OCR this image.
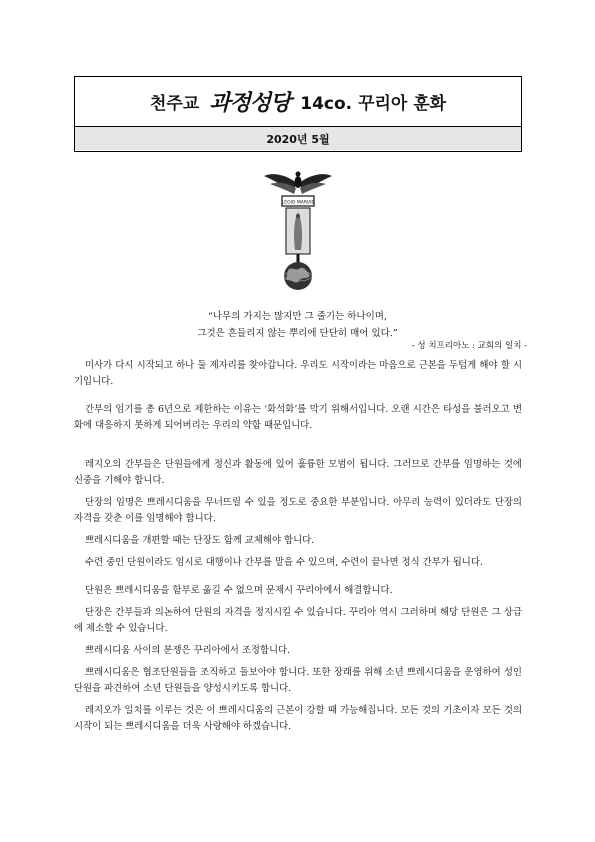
천주교 과정성당 14co. 꾸리아 훈화
2020년 5월
LEGIO MARIAE
“나무의 가지는 많지만 그 줄기는 하나이며,
그것은 흔들리지 않는 뿌리에 단단히 매어 있다.”
- 성 치프리아노 : 교회의 일치 -

미사가 다시 시작되고 하나 둘 제자리를 찾아갑니다. 우리도 시작이라는 마음으로 근본을 두텁게 해야 할 시기입니다.

간부의 임기를 총 6년으로 제한하는 이유는 ‘화석화’를 막기 위해서입니다. 오랜 시간은 타성을 불러오고 변화에 대응하지 못하게 되어버리는 우리의 약함 때문입니다.

레지오의 간부들은 단원들에게 정신과 활동에 있어 훌륭한 모범이 됩니다. 그러므로 간부를 임명하는 것에 신중을 기해야 합니다.

단장의 임명은 쁘레시디움을 무너뜨릴 수 있을 정도로 중요한 부분입니다. 아무리 능력이 있더라도 단장의 자격을 갖춘 이를 임명해야 합니다.

쁘레시디움을 개편할 때는 단장도 함께 교체해야 합니다.

수련 중인 단원이라도 임시로 대행이나 간부를 맡을 수 있으며, 수련이 끝나면 정식 간부가 됩니다.

단원은 쁘레시디움을 함부로 옮길 수 없으며 문제시 꾸리아에서 해결합니다.

단장은 간부들과 의논하여 단원의 자격을 정지시킬 수 있습니다. 꾸리아 역시 그러하며 해당 단원은 그 상급에 제소할 수 있습니다.

쁘레시디움 사이의 분쟁은 꾸리아에서 조정합니다.

쁘레시디움은 협조단원들을 조직하고 돌보아야 합니다. 또한 장래를 위해 소년 쁘레시디움을 운영하여 성인 단원을 파견하여 소년 단원들을 양성시키도록 합니다.

레지오가 일치를 이루는 것은 이 쁘레시디움의 근본이 강할 때 가능해집니다. 모든 것의 기초이자 모든 것의 시작이 되는 쁘레시디움을 더욱 사랑해야 하겠습니다.
